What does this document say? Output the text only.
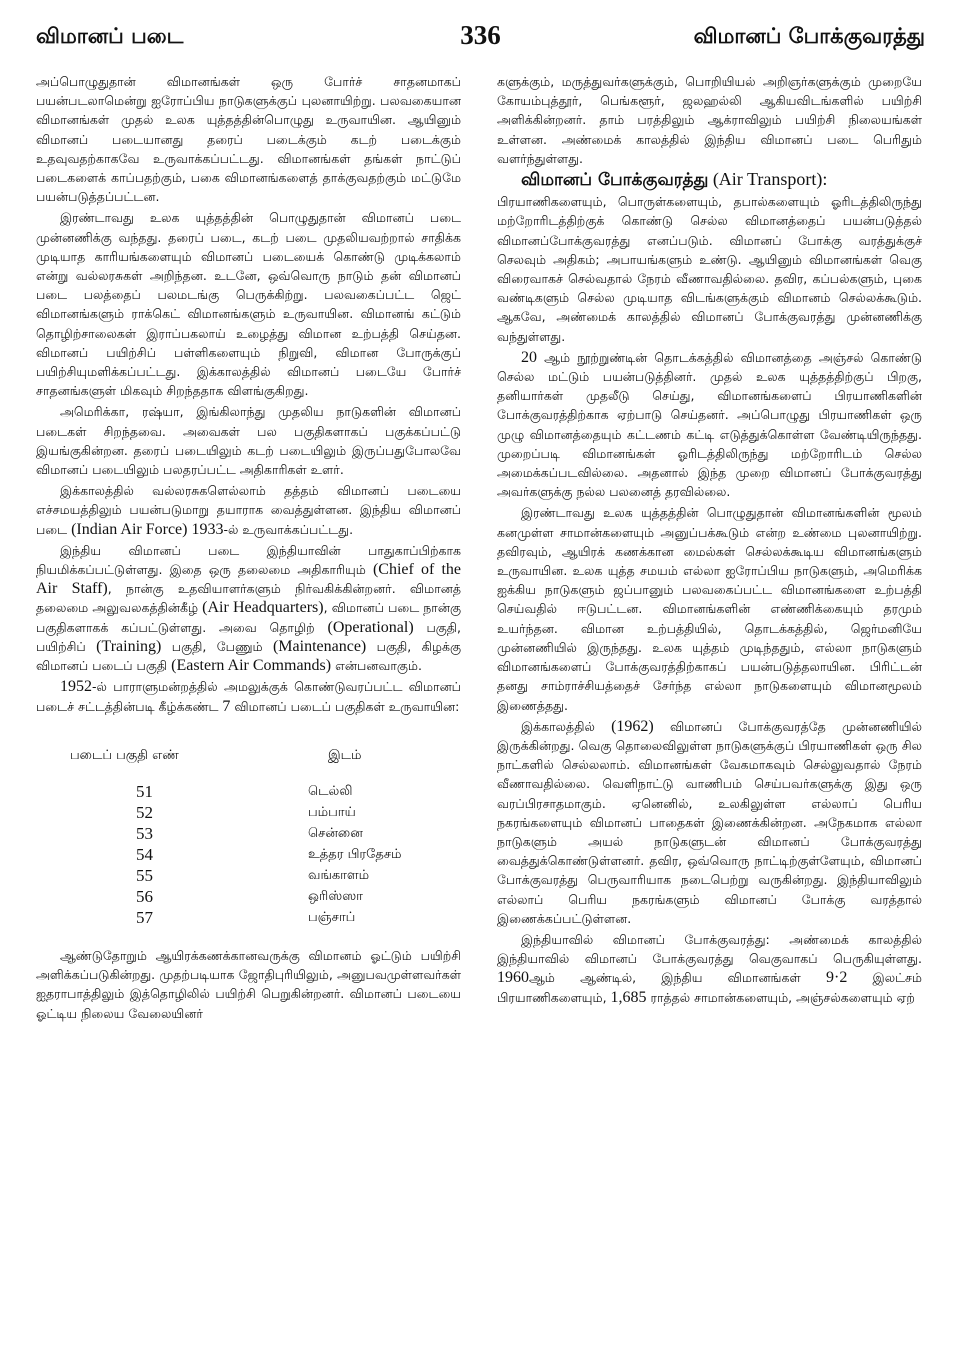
விமானப் படை	336	விமானப் போக்குவரத்து

அப்பொழுதுதான் விமானங்கள் ஒரு போர்ச் சாதனமாகப் பயன்படலாமென்று ஐரோப்பிய நாடுகளுக்குப் புலனாயிற்று. பலவகையான விமானங்கள் முதல் உலக யுத்தத்தின்பொழுது உருவாயின. ஆயினும் விமானப் படையானது தரைப் படைக்கும் கடற் படைக்கும் உதவுவதற்காகவே உருவாக்கப்பட்டது. விமானங்கள் தங்கள் நாட்டுப் படைகளைக் காப்பதற்கும், பகை விமானங்களைத் தாக்குவதற்கும் மட்டுமே பயன்படுத்தப்பட்டன.

இரண்டாவது உலக யுத்தத்தின் பொழுதுதான் விமானப் படை முன்னணிக்கு வந்தது. தரைப் படை, கடற் படை முதலியவற்றால் சாதிக்க முடியாத காரியங்களையும் விமானப் படையைக் கொண்டு முடிக்கலாம் என்று வல்லரசுகள் அறிந்தன. உடனே, ஒவ்வொரு நாடும் தன் விமானப் படை பலத்தைப் பலமடங்கு பெருக்கிற்று. பலவகைப்பட்ட ஜெட் விமானங்களும் ராக்கெட் விமானங்களும் உருவாயின. விமானங் கட்டும் தொழிற்சாலைகள் இராப்பகலாய் உழைத்து விமான உற்பத்தி செய்தன. விமானப் பயிற்சிப் பள்ளிகளையும் நிறுவி, விமான போருக்குப் பயிற்சியுமளிக்கப்பட்டது. இக்காலத்தில் விமானப் படையே போர்ச் சாதனங்களுள் மிகவும் சிறந்ததாக விளங்குகிறது.

அமெரிக்கா, ரஷ்யா, இங்கிலாந்து முதலிய நாடுகளின் விமானப் படைகள் சிறந்தவை. அவைகள் பல பகுதிகளாகப் பகுக்கப்பட்டு இயங்குகின்றன. தரைப் படையிலும் கடற் படையிலும் இருப்பதுபோலவே விமானப் படையிலும் பலதரப்பட்ட அதிகாரிகள் உளர்.

இக்காலத்தில் வல்லரசுகளெல்லாம் தத்தம் விமானப் படையை எச்சமயத்திலும் பயன்படுமாறு தயாராக வைத்துள்ளன. இந்திய விமானப் படை (Indian Air Force) 1933-ல் உருவாக்கப்பட்டது.

இந்திய விமானப் படை இந்தியாவின் பாதுகாப்பிற்காக நியமிக்கப்பட்டுள்ளது. இதை ஒரு தலைமை அதிகாரியும் (Chief of the Air Staff), நான்கு உதவியாளர்களும் நிர்வகிக்கின்றனர். விமானத் தலைமை அலுவலகத்தின்கீழ் (Air Headquarters), விமானப் படை நான்கு பகுதிகளாகக் கப்பட்டுள்ளது. அவை தொழிற் (Operational) பகுதி, பயிற்சிப் (Training) பகுதி, பேணும் (Maintenance) பகுதி, கிழக்கு விமானப் படைப் பகுதி (Eastern Air Commands) என்பனவாகும்.

1952-ல் பாராளுமன்றத்தில் அமலுக்குக் கொண்டுவரப்பட்ட விமானப் படைச் சட்டத்தின்படி கீழ்க்கண்ட 7 விமானப் படைப் பகுதிகள் உருவாயின:

படைப் பகுதி எண்	இடம்
51	டெல்லி
52	பம்பாய்
53	சென்னை
54	உத்தர பிரதேசம்
55	வங்காளம்
56	ஒரிஸ்ஸா
57	பஞ்சாப்

ஆண்டுதோறும் ஆயிரக்கணக்கானவருக்கு விமானம் ஓட்டும் பயிற்சி அளிக்கப்படுகின்றது. முதற்படியாக ஜோதிபுரியிலும், அனுபவமுள்ளவர்கள் ஐதராபாத்திலும் இத்தொழிலில் பயிற்சி பெறுகின்றனர். விமானப் படையை ஓட்டிய நிலைய வேலையினர்

களுக்கும், மருத்துவர்களுக்கும், பொறியியல் அறிஞர்களுக்கும் முறையே கோயம்புத்தூர், பெங்களூர், ஜலஹல்லி ஆகியவிடங்களில் பயிற்சி அளிக்கின்றனர். தாம் பரத்திலும் ஆக்ராவிலும் பயிற்சி நிலையங்கள் உள்ளன. அண்மைக் காலத்தில் இந்திய விமானப் படை பெரிதும் வளர்ந்துள்ளது.

விமானப் போக்குவரத்து (Air Transport):

பிரயாணிகளையும், பொருள்களையும், தபால்களையும் ஓரிடத்திலிருந்து மற்றோரிடத்திற்குக் கொண்டு செல்ல விமானத்தைப் பயன்படுத்தல் விமானப்போக்குவரத்து எனப்படும். விமானப் போக்கு வரத்துக்குச் செலவும் அதிகம்; அபாயங்களும் உண்டு. ஆயினும் விமானங்கள் வெகு விரைவாகச் செல்வதால் நேரம் வீணாவதில்லை. தவிர, கப்பல்களும், புகை வண்டிகளும் செல்ல முடியாத விடங்களுக்கும் விமானம் செல்லக்கூடும். ஆகவே, அண்மைக் காலத்தில் விமானப் போக்குவரத்து முன்னணிக்கு வந்துள்ளது.

20 ஆம் நூற்றுண்டின் தொடக்கத்தில் விமானத்தை அஞ்சல் கொண்டு செல்ல மட்டும் பயன்படுத்தினர். முதல் உலக யுத்தத்திற்குப் பிறகு, தனியார்கள் முதலீடு செய்து, விமானங்களைப் பிரயாணிகளின் போக்குவரத்திற்காக ஏற்பாடு செய்தனர். அப்பொழுது பிரயாணிகள் ஒரு முழு விமானத்தையும் கட்டணம் கட்டி எடுத்துக்கொள்ள வேண்டியிருந்தது. முறைப்படி விமானங்கள் ஓரிடத்திலிருந்து மற்றோரிடம் செல்ல அமைக்கப்படவில்லை. அதனால் இந்த முறை விமானப் போக்குவரத்து அவர்களுக்கு நல்ல பலனைத் தரவில்லை.

இரண்டாவது உலக யுத்தத்தின் பொழுதுதான் விமானங்களின் மூலம் கனமுள்ள சாமான்களையும் அனுப்பக்கூடும் என்ற உண்மை புலனாயிற்று. தவிரவும், ஆயிரக் கணக்கான மைல்கள் செல்லக்கூடிய விமானங்களும் உருவாயின. உலக யுத்த சமயம் எல்லா ஐரோப்பிய நாடுகளும், அமெரிக்க ஐக்கிய நாடுகளும் ஜப்பானும் பலவகைப்பட்ட விமானங்களை உற்பத்தி செய்வதில் ஈடுபட்டன. விமானங்களின் எண்ணிக்கையும் தரமும் உயர்ந்தன. விமான உற்பத்தியில், தொடக்கத்தில், ஜெர்மனியே முன்னணியில் இருந்தது. உலக யுத்தம் முடிந்ததும், எல்லா நாடுகளும் விமானங்களைப் போக்குவரத்திற்காகப் பயன்படுத்தலாயின. பிரிட்டன் தனது சாம்ராச்சியத்தைச் சேர்ந்த எல்லா நாடுகளையும் விமானமூலம் இணைத்தது.

இக்காலத்தில் (1962) விமானப் போக்குவரத்தே முன்னணியில் இருக்கின்றது. வெகு தொலைவிலுள்ள நாடுகளுக்குப் பிரயாணிகள் ஒரு சில நாட்களில் செல்லலாம். விமானங்கள் வேகமாகவும் செல்லுவதால் நேரம் வீணாவதில்லை. வெளிநாட்டு வாணிபம் செய்பவர்களுக்கு இது ஒரு வரப்பிரசாதமாகும். ஏனெனில், உலகிலுள்ள எல்லாப் பெரிய நகரங்களையும் விமானப் பாதைகள் இணைக்கின்றன. அநேகமாக எல்லா நாடுகளும் அயல் நாடுகளுடன் விமானப் போக்குவரத்து வைத்துக்கொண்டுள்ளனர். தவிர, ஒவ்வொரு நாட்டிற்குள்ளேயும், விமானப் போக்குவரத்து பெருவாரியாக நடைபெற்று வருகின்றது. இந்தியாவிலும் எல்லாப் பெரிய நகரங்களும் விமானப் போக்கு வரத்தால் இணைக்கப்பட்டுள்ளன.

இந்தியாவில் விமானப் போக்குவரத்து: அண்மைக் காலத்தில் இந்தியாவில் விமானப் போக்குவரத்து வெகுவாகப் பெருகியுள்ளது. 1960ஆம் ஆண்டில், இந்திய விமானங்கள் 9·2 இலட்சம் பிரயாணிகளையும், 1,685 ராத்தல் சாமான்களையும், அஞ்சல்களையும் ஏற்
